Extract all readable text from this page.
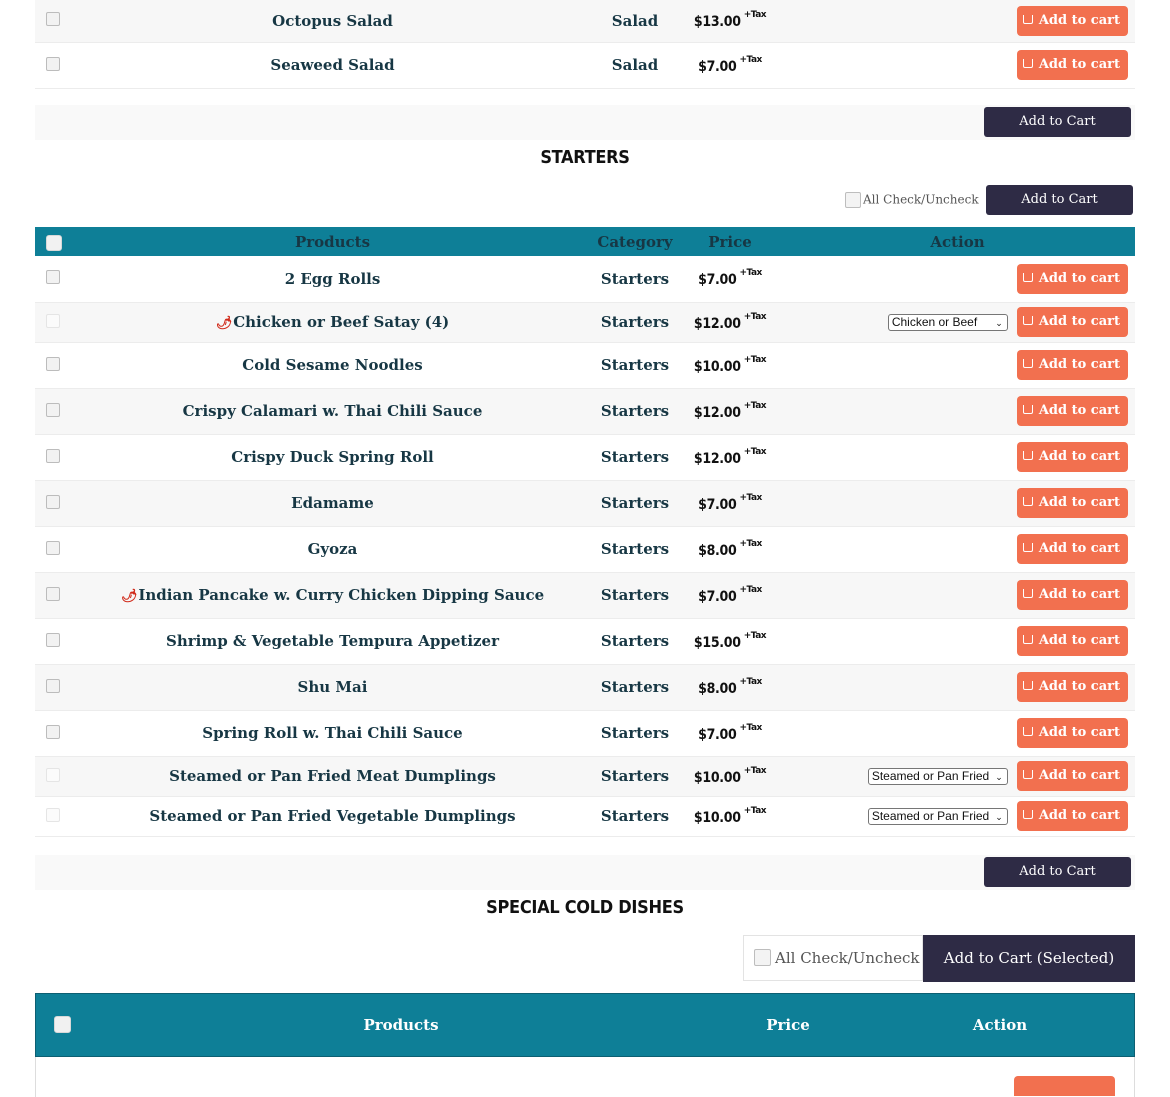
	Octopus Salad	Salad	$13.00 $^{+Tax}$	Add to cart
	Seaweed Salad	Salad	$7.00 $^{+Tax}$	Add to cart
Add to Cart (Selected)
STARTERS
All Check/Uncheck	Add to Cart (Selected)
	Products	Category	Price	Action
	2 Egg Rolls	Starters	$7.00 $^{+Tax}$	Add to cart
	🌶Chicken or Beef Satay (4)	Starters	$12.00 $^{+Tax}$	Chicken or Beef ⌄ Add to cart
	Cold Sesame Noodles	Starters	$10.00 $^{+Tax}$	Add to cart
	Crispy Calamari w. Thai Chili Sauce	Starters	$12.00 $^{+Tax}$	Add to cart
	Crispy Duck Spring Roll	Starters	$12.00 $^{+Tax}$	Add to cart
	Edamame	Starters	$7.00 $^{+Tax}$	Add to cart
	Gyoza	Starters	$8.00 $^{+Tax}$	Add to cart
	🌶Indian Pancake w. Curry Chicken Dipping Sauce	Starters	$7.00 $^{+Tax}$	Add to cart
	Shrimp & Vegetable Tempura Appetizer	Starters	$15.00 $^{+Tax}$	Add to cart
	Shu Mai	Starters	$8.00 $^{+Tax}$	Add to cart
	Spring Roll w. Thai Chili Sauce	Starters	$7.00 $^{+Tax}$	Add to cart
	Steamed or Pan Fried Meat Dumplings	Starters	$10.00 $^{+Tax}$	Steamed or Pan Fried ⌄ Add to cart
	Steamed or Pan Fried Vegetable Dumplings	Starters	$10.00 $^{+Tax}$	Steamed or Pan Fried ⌄ Add to cart
Add to Cart (Selected)
SPECIAL COLD DISHES
All Check/Uncheck	Add to Cart (Selected)
Products	Price	Action
